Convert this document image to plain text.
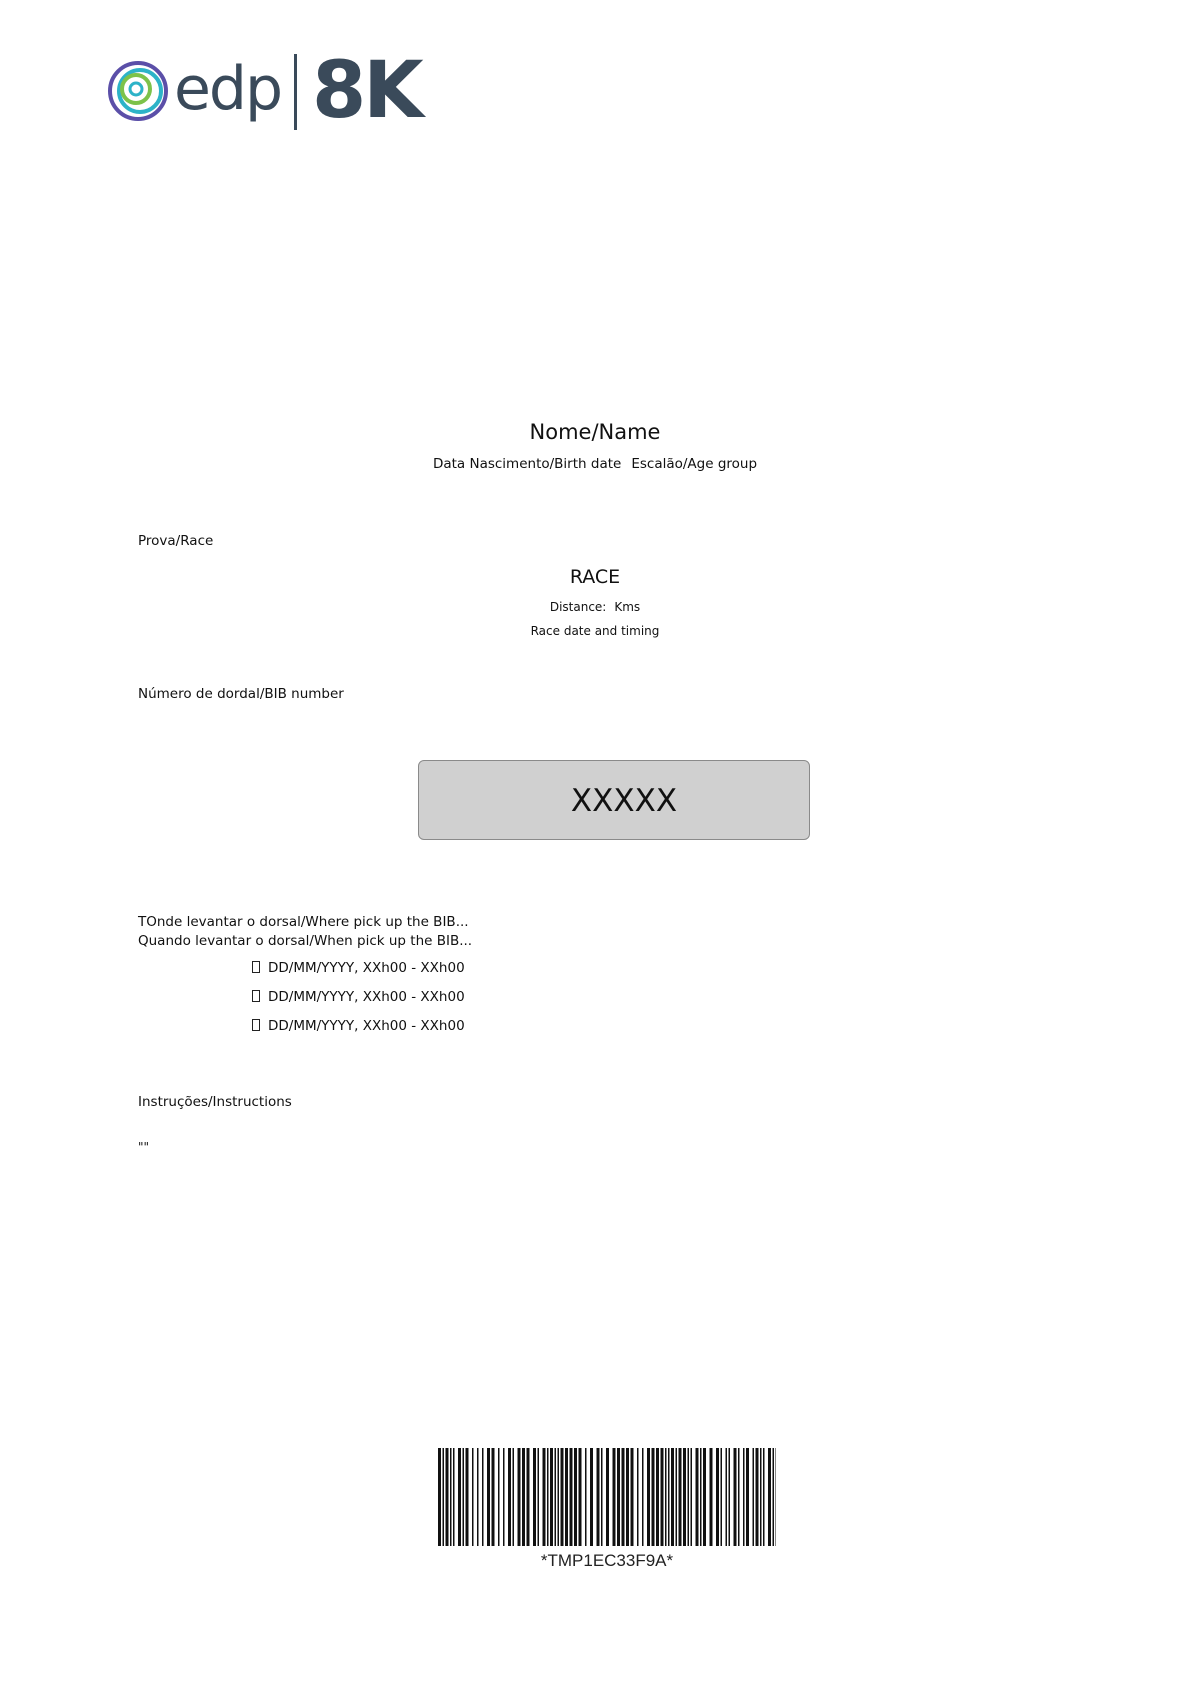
edp 8K
Nome/Name
Data Nascimento/Birth date Escalão/Age group
Prova/Race
RACE
Distance: Kms
Race date and timing
Número de dordal/BIB number
XXXXX
TOnde levantar o dorsal/Where pick up the BIB...
Quando levantar o dorsal/When pick up the BIB...
DD/MM/YYYY, XXh00 - XXh00
DD/MM/YYYY, XXh00 - XXh00
DD/MM/YYYY, XXh00 - XXh00
Instruções/Instructions
""
*TMP1EC33F9A*
